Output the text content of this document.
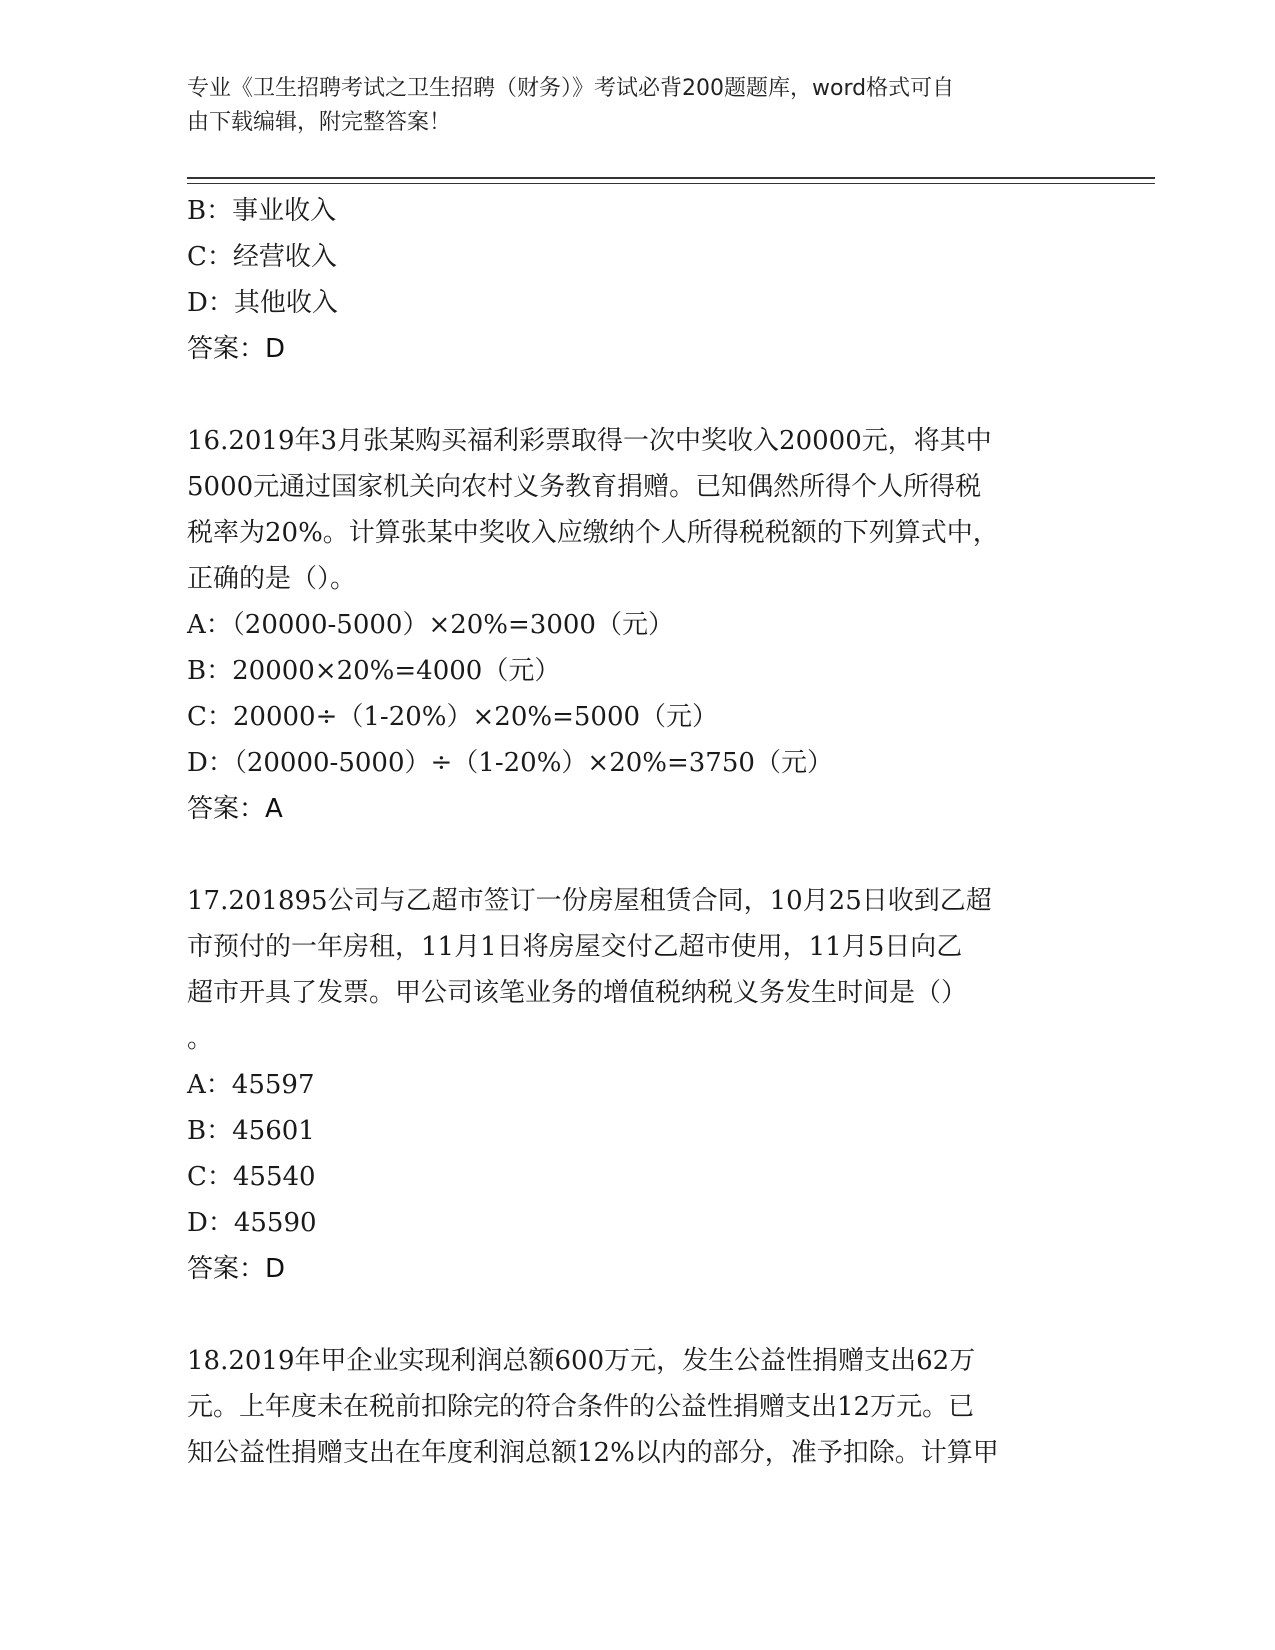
专业《卫生招聘考试之卫生招聘（财务）》考试必背200题题库，word格式可自
由下载编辑，附完整答案！
B：事业收入
C：经营收入
D：其他收入
答案：D
16.2019年3月张某购买福利彩票取得一次中奖收入20000元，将其中
5000元通过国家机关向农村义务教育捐赠。已知偶然所得个人所得税
税率为20%。计算张某中奖收入应缴纳个人所得税税额的下列算式中，
正确的是（）。
A：（20000-5000）×20%=3000（元）
B：20000×20%=4000（元）
C：20000÷（1-20%）×20%=5000（元）
D：（20000-5000）÷（1-20%）×20%=3750（元）
答案：A
17.201895公司与乙超市签订一份房屋租赁合同，10月25日收到乙超
市预付的一年房租，11月1日将房屋交付乙超市使用，11月5日向乙
超市开具了发票。甲公司该笔业务的增值税纳税义务发生时间是（）
。
A：45597
B：45601
C：45540
D：45590
答案：D
18.2019年甲企业实现利润总额600万元，发生公益性捐赠支出62万
元。上年度未在税前扣除完的符合条件的公益性捐赠支出12万元。已
知公益性捐赠支出在年度利润总额12%以内的部分，准予扣除。计算甲
